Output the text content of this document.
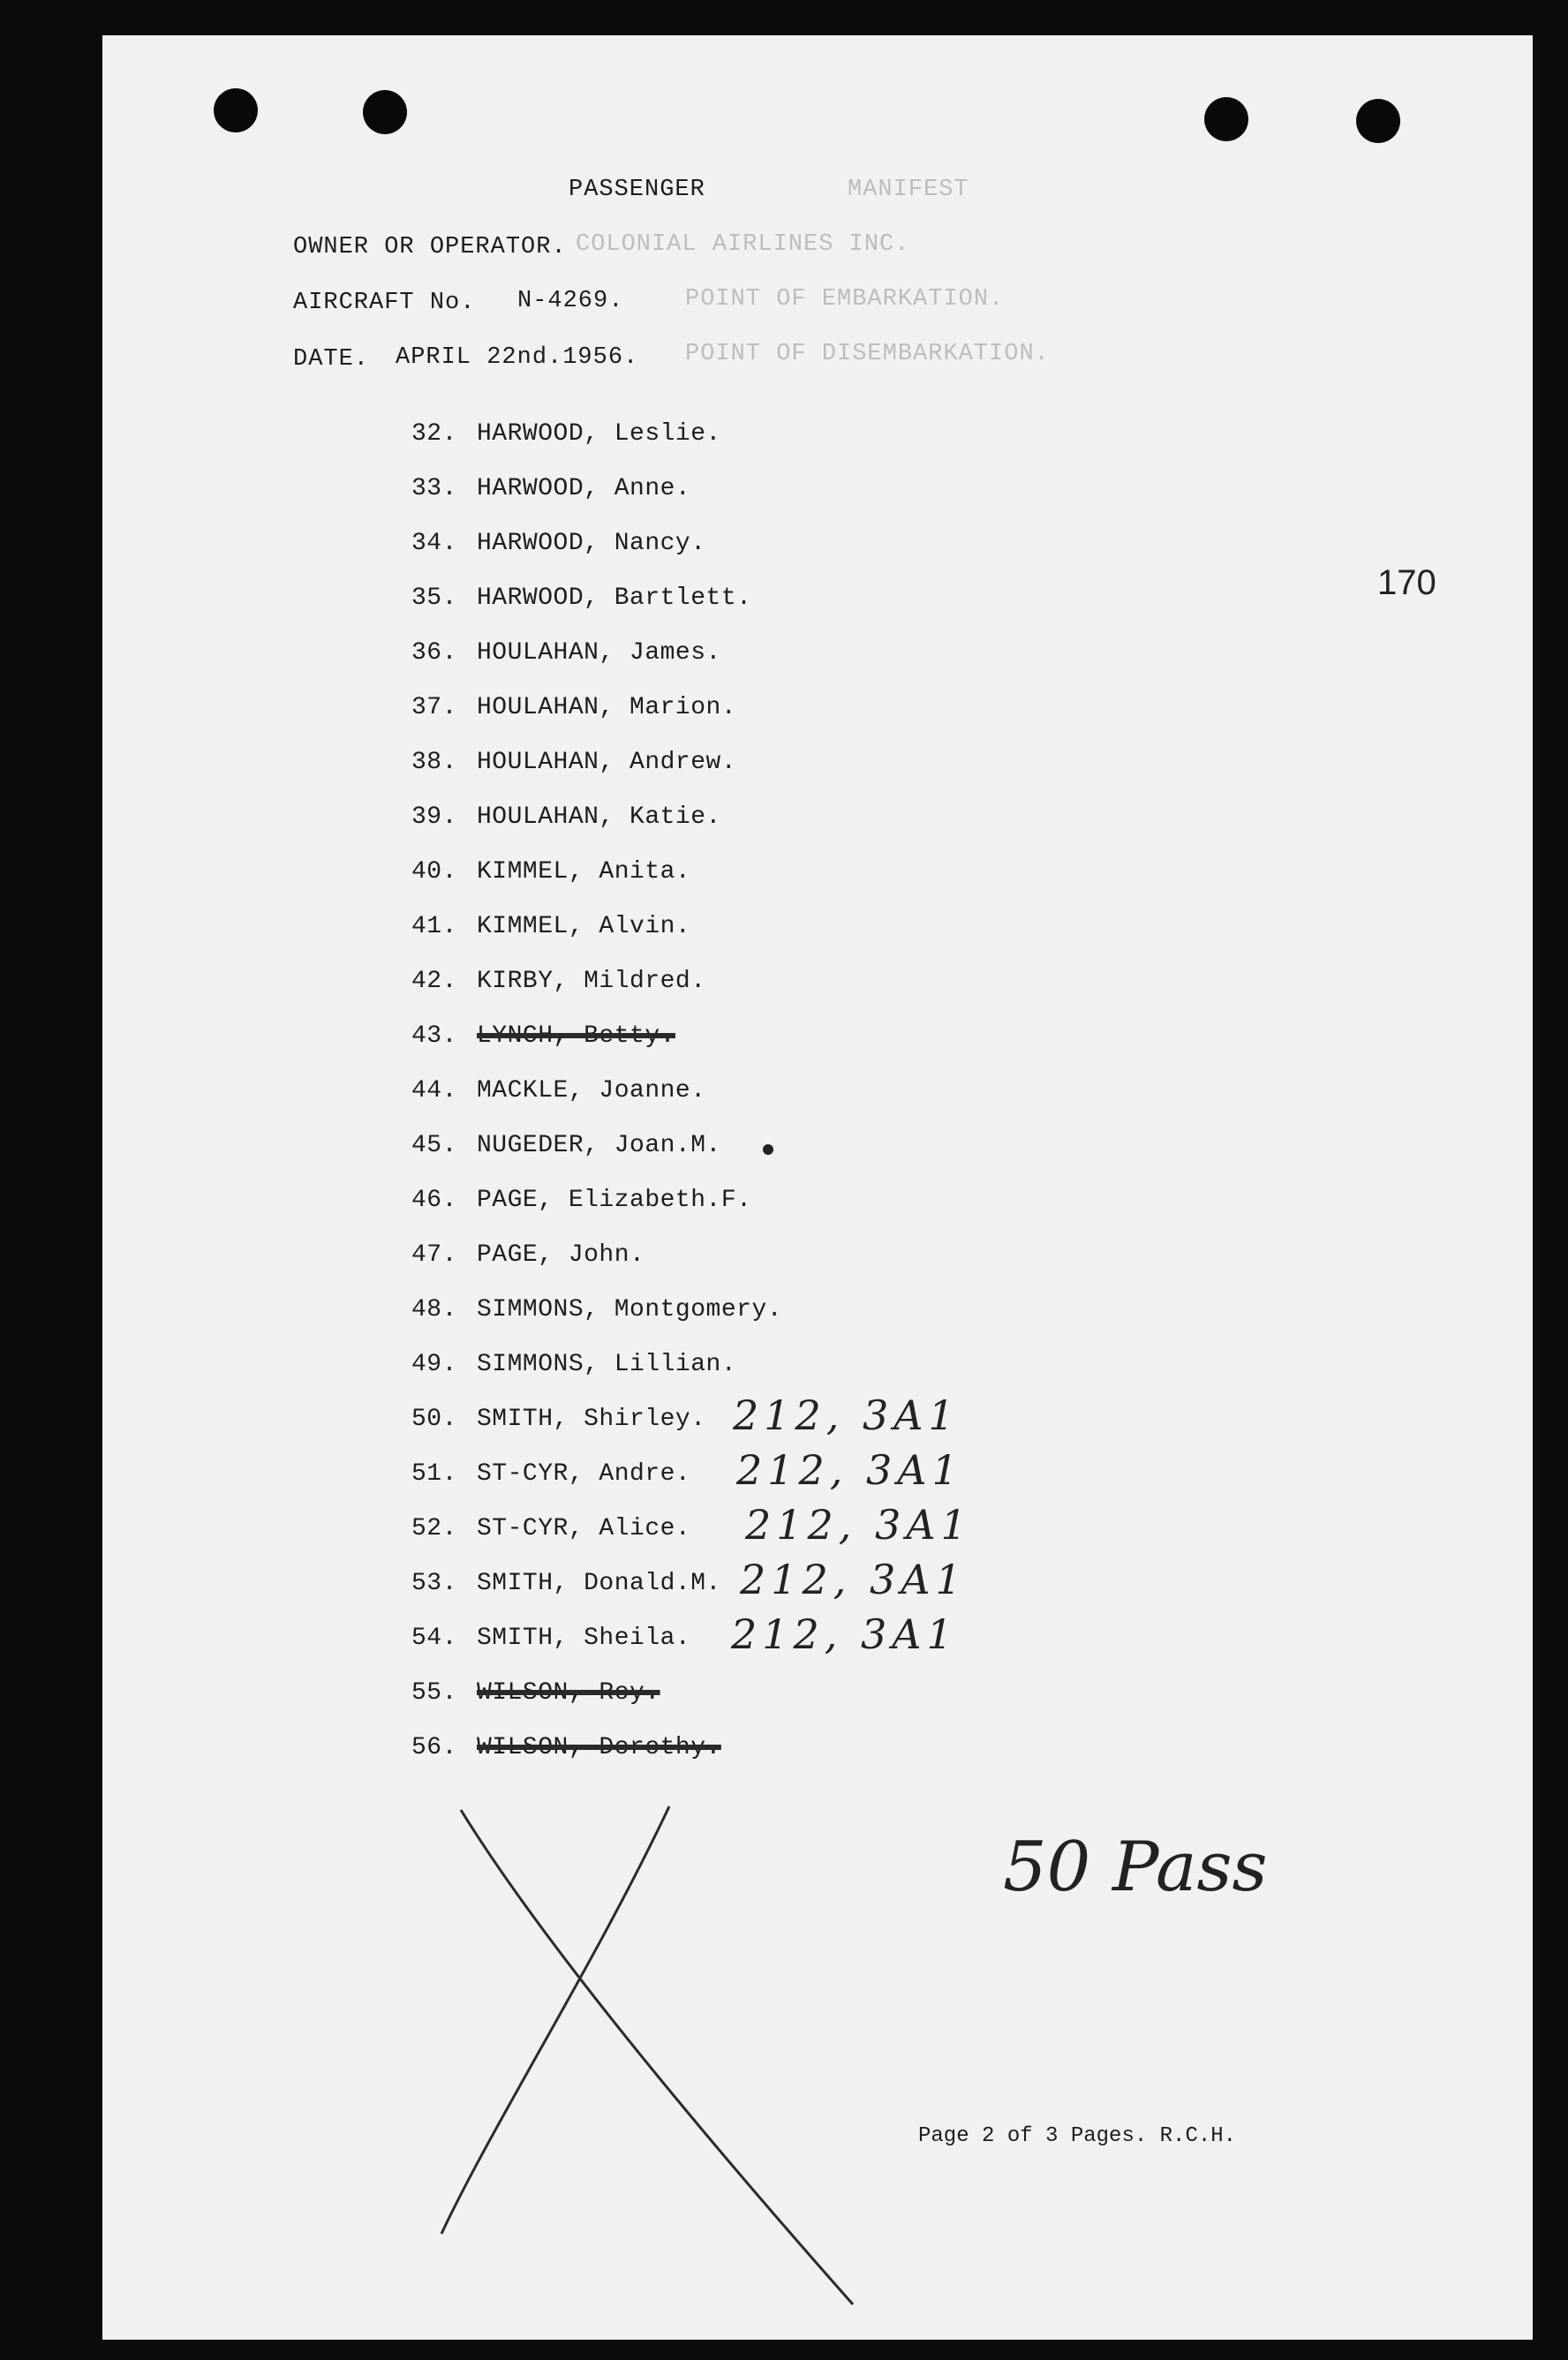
PASSENGER	MANIFEST
OWNER OR OPERATOR. COLONIAL AIRLINES INC.
AIRCRAFT No. N-4269.	POINT OF EMBARKATION.
DATE. APRIL 22nd.1956. POINT OF DISEMBARKATION.
170
32. HARWOOD, Leslie.
33. HARWOOD, Anne.
34. HARWOOD, Nancy.
35. HARWOOD, Bartlett.
36. HOULAHAN, James.
37. HOULAHAN, Marion.
38. HOULAHAN, Andrew.
39. HOULAHAN, Katie.
40. KIMMEL, Anita.
41. KIMMEL, Alvin.
42. KIRBY, Mildred.
43. LYNCH, Betty.
44. MACKLE, Joanne.
45. NUGEDER, Joan.M.
46. PAGE, Elizabeth.F.
47. PAGE, John.
48. SIMMONS, Montgomery.
49. SIMMONS, Lillian.
50. SMITH, Shirley.
51. ST-CYR, Andre.
52. ST-CYR, Alice.
53. SMITH, Donald.M.
54. SMITH, Sheila.
55. WILSON, Roy.
56. WILSON, Dorothy.
212, 3A1
212, 3A1
212, 3A1
212, 3A1
212, 3A1
50 Pass
Page 2 of 3 Pages. R.C.H.
